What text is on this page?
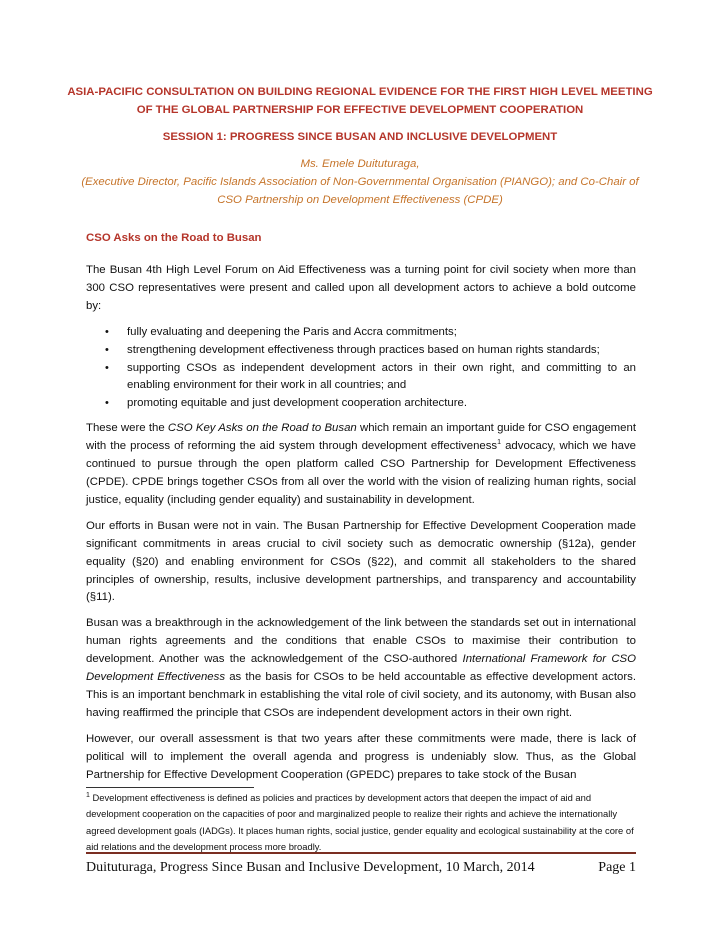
ASIA-PACIFIC CONSULTATION ON BUILDING REGIONAL EVIDENCE FOR THE FIRST HIGH LEVEL MEETING
OF THE GLOBAL PARTNERSHIP FOR EFFECTIVE DEVELOPMENT COOPERATION
SESSION 1: PROGRESS SINCE BUSAN AND INCLUSIVE DEVELOPMENT
Ms. Emele Duituturaga,
(Executive Director, Pacific Islands Association of Non-Governmental Organisation (PIANGO); and Co-Chair of CSO Partnership on Development Effectiveness (CPDE)
CSO Asks on the Road to Busan

The Busan 4th High Level Forum on Aid Effectiveness was a turning point for civil society when more than 300 CSO representatives were present and called upon all development actors to achieve a bold outcome by:

• fully evaluating and deepening the Paris and Accra commitments;
• strengthening development effectiveness through practices based on human rights standards;
• supporting CSOs as independent development actors in their own right, and committing to an enabling environment for their work in all countries; and
• promoting equitable and just development cooperation architecture.

These were the CSO Key Asks on the Road to Busan which remain an important guide for CSO engagement with the process of reforming the aid system through development effectiveness$^1$ advocacy, which we have continued to pursue through the open platform called CSO Partnership for Development Effectiveness (CPDE). CPDE brings together CSOs from all over the world with the vision of realizing human rights, social justice, equality (including gender equality) and sustainability in development.

Our efforts in Busan were not in vain. The Busan Partnership for Effective Development Cooperation made significant commitments in areas crucial to civil society such as democratic ownership (§12a), gender equality (§20) and enabling environment for CSOs (§22), and commit all stakeholders to the shared principles of ownership, results, inclusive development partnerships, and transparency and accountability (§11).

Busan was a breakthrough in the acknowledgement of the link between the standards set out in international human rights agreements and the conditions that enable CSOs to maximise their contribution to development. Another was the acknowledgement of the CSO-authored International Framework for CSO Development Effectiveness as the basis for CSOs to be held accountable as effective development actors. This is an important benchmark in establishing the vital role of civil society, and its autonomy, with Busan also having reaffirmed the principle that CSOs are independent development actors in their own right.

However, our overall assessment is that two years after these commitments were made, there is lack of political will to implement the overall agenda and progress is undeniably slow. Thus, as the Global Partnership for Effective Development Cooperation (GPEDC) prepares to take stock of the Busan

$^1$ Development effectiveness is defined as policies and practices by development actors that deepen the impact of aid and development cooperation on the capacities of poor and marginalized people to realize their rights and achieve the internationally agreed development goals (IADGs). It places human rights, social justice, gender equality and ecological sustainability at the core of aid relations and the development process more broadly.
Duituturaga, Progress Since Busan and Inclusive Development, 10 March, 2014	Page 1
